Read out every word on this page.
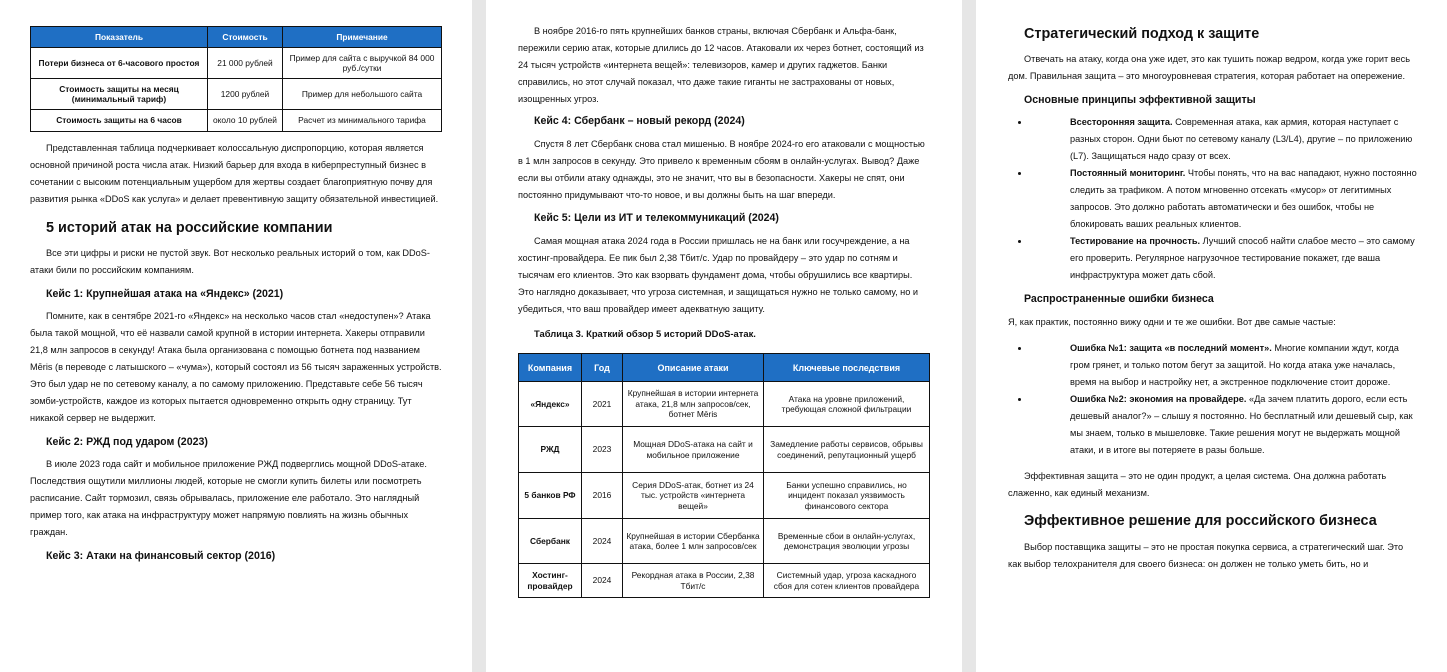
Показатель	Стоимость	Примечание
Потери бизнеса от 6-часового простоя	21 000 рублей	Пример для сайта с выручкой 84 000 руб./сутки
Стоимость защиты на месяц (минимальный тариф)	1200 рублей	Пример для небольшого сайта
Стоимость защиты на 6 часов	около 10 рублей	Расчет из минимального тарифа

Представленная таблица подчеркивает колоссальную диспропорцию, которая является основной причиной роста числа атак. Низкий барьер для входа в киберпреступный бизнес в сочетании с высоким потенциальным ущербом для жертвы создает благоприятную почву для развития рынка «DDoS как услуга» и делает превентивную защиту обязательной инвестицией.

5 историй атак на российские компании

Все эти цифры и риски не пустой звук. Вот несколько реальных историй о том, как DDoS-атаки били по российским компаниям.

Кейс 1: Крупнейшая атака на «Яндекс» (2021)

Помните, как в сентябре 2021-го «Яндекс» на несколько часов стал «недоступен»? Атака была такой мощной, что её назвали самой крупной в истории интернета. Хакеры отправили 21,8 млн запросов в секунду! Атака была организована с помощью ботнета под названием Mēris (в переводе с латышского – «чума»), который состоял из 56 тысяч зараженных устройств. Это был удар не по сетевому каналу, а по самому приложению. Представьте себе 56 тысяч зомби-устройств, каждое из которых пытается одновременно открыть одну страницу. Тут никакой сервер не выдержит.

Кейс 2: РЖД под ударом (2023)

В июле 2023 года сайт и мобильное приложение РЖД подверглись мощной DDoS-атаке. Последствия ощутили миллионы людей, которые не смогли купить билеты или посмотреть расписание. Сайт тормозил, связь обрывалась, приложение еле работало. Это наглядный пример того, как атака на инфраструктуру может напрямую повлиять на жизнь обычных граждан.

Кейс 3: Атаки на финансовый сектор (2016)

В ноябре 2016-го пять крупнейших банков страны, включая Сбербанк и Альфа-банк, пережили серию атак, которые длились до 12 часов. Атаковали их через ботнет, состоящий из 24 тысяч устройств «интернета вещей»: телевизоров, камер и других гаджетов. Банки справились, но этот случай показал, что даже такие гиганты не застрахованы от новых, изощренных угроз.

Кейс 4: Сбербанк – новый рекорд (2024)

Спустя 8 лет Сбербанк снова стал мишенью. В ноябре 2024-го его атаковали с мощностью в 1 млн запросов в секунду. Это привело к временным сбоям в онлайн-услугах. Вывод? Даже если вы отбили атаку однажды, это не значит, что вы в безопасности. Хакеры не спят, они постоянно придумывают что-то новое, и вы должны быть на шаг впереди.

Кейс 5: Цели из ИТ и телекоммуникаций (2024)

Самая мощная атака 2024 года в России пришлась не на банк или госучреждение, а на хостинг-провайдера. Ее пик был 2,38 Тбит/с. Удар по провайдеру – это удар по сотням и тысячам его клиентов. Это как взорвать фундамент дома, чтобы обрушились все квартиры. Это наглядно доказывает, что угроза системная, и защищаться нужно не только самому, но и убедиться, что ваш провайдер имеет адекватную защиту.

Таблица 3. Краткий обзор 5 историй DDoS-атак.
Компания	Год	Описание атаки	Ключевые последствия
«Яндекс»	2021	Крупнейшая в истории интернета атака, 21,8 млн запросов/сек, ботнет Mēris	Атака на уровне приложений, требующая сложной фильтрации
РЖД	2023	Мощная DDoS-атака на сайт и мобильное приложение	Замедление работы сервисов, обрывы соединений, репутационный ущерб
5 банков РФ	2016	Серия DDoS-атак, ботнет из 24 тыс. устройств «интернета вещей»	Банки успешно справились, но инцидент показал уязвимость финансового сектора
Сбербанк	2024	Крупнейшая в истории Сбербанка атака, более 1 млн запросов/сек	Временные сбои в онлайн-услугах, демонстрация эволюции угрозы
Хостинг-провайдер	2024	Рекордная атака в России, 2,38 Тбит/с	Системный удар, угроза каскадного сбоя для сотен клиентов провайдера
Стратегический подход к защите

Отвечать на атаку, когда она уже идет, это как тушить пожар ведром, когда уже горит весь дом. Правильная защита – это многоуровневая стратегия, которая работает на опережение.

Основные принципы эффективной защиты
• Всесторонняя защита. Современная атака, как армия, которая наступает с разных сторон. Одни бьют по сетевому каналу (L3/L4), другие – по приложению (L7). Защищаться надо сразу от всех.
• Постоянный мониторинг. Чтобы понять, что на вас нападают, нужно постоянно следить за трафиком. А потом мгновенно отсекать «мусор» от легитимных запросов. Это должно работать автоматически и без ошибок, чтобы не блокировать ваших реальных клиентов.
• Тестирование на прочность. Лучший способ найти слабое место – это самому его проверить. Регулярное нагрузочное тестирование покажет, где ваша инфраструктура может дать сбой.
Распространенные ошибки бизнеса

Я, как практик, постоянно вижу одни и те же ошибки. Вот две самые частые:

• Ошибка №1: защита «в последний момент». Многие компании ждут, когда гром грянет, и только потом бегут за защитой. Но когда атака уже началась, время на выбор и настройку нет, а экстренное подключение стоит дороже.
• Ошибка №2: экономия на провайдере. «Да зачем платить дорого, если есть дешевый аналог?» – слышу я постоянно. Но бесплатный или дешевый сыр, как мы знаем, только в мышеловке. Такие решения могут не выдержать мощной атаки, и в итоге вы потеряете в разы больше.

Эффективная защита – это не один продукт, а целая система. Она должна работать слаженно, как единый механизм.

Эффективное решение для российского бизнеса

Выбор поставщика защиты – это не простая покупка сервиса, а стратегический шаг. Это как выбор телохранителя для своего бизнеса: он должен не только уметь бить, но и
